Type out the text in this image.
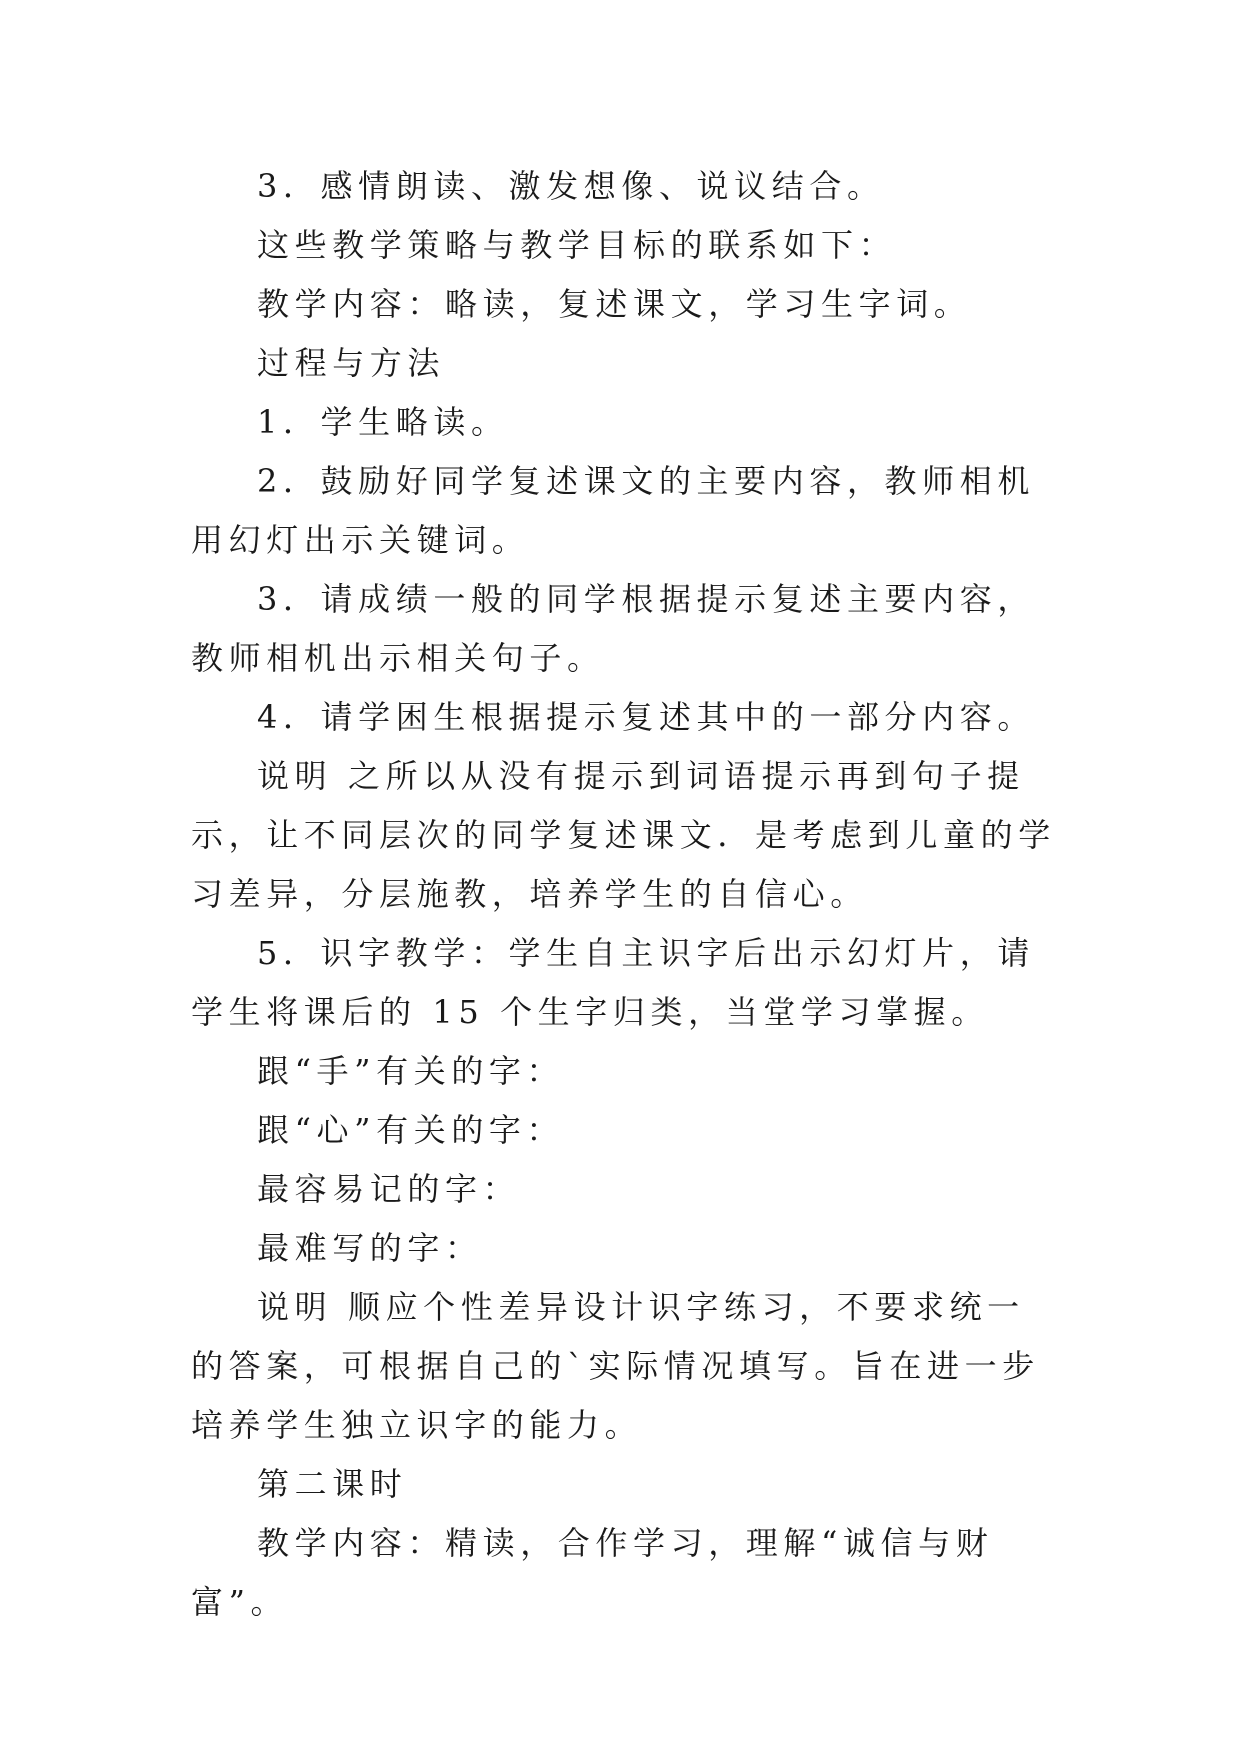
3．感情朗读、激发想像、说议结合。

这些教学策略与教学目标的联系如下：

教学内容：略读，复述课文，学习生字词。

过程与方法

1．学生略读。

2．鼓励好同学复述课文的主要内容，教师相机用幻灯出示关键词。

3．请成绩一般的同学根据提示复述主要内容，教师相机出示相关句子。

4．请学困生根据提示复述其中的一部分内容。

说明 之所以从没有提示到词语提示再到句子提示，让不同层次的同学复述课文．是考虑到儿童的学习差异，分层施教，培养学生的自信心。

5．识字教学：学生自主识字后出示幻灯片，请学生将课后的 15 个生字归类，当堂学习掌握。

跟“手”有关的字：

跟“心”有关的字：

最容易记的字：

最难写的字：

说明 顺应个性差异设计识字练习，不要求统一的答案，可根据自己的`实际情况填写。旨在进一步培养学生独立识字的能力。

第二课时

教学内容：精读，合作学习，理解“诚信与财富”。
